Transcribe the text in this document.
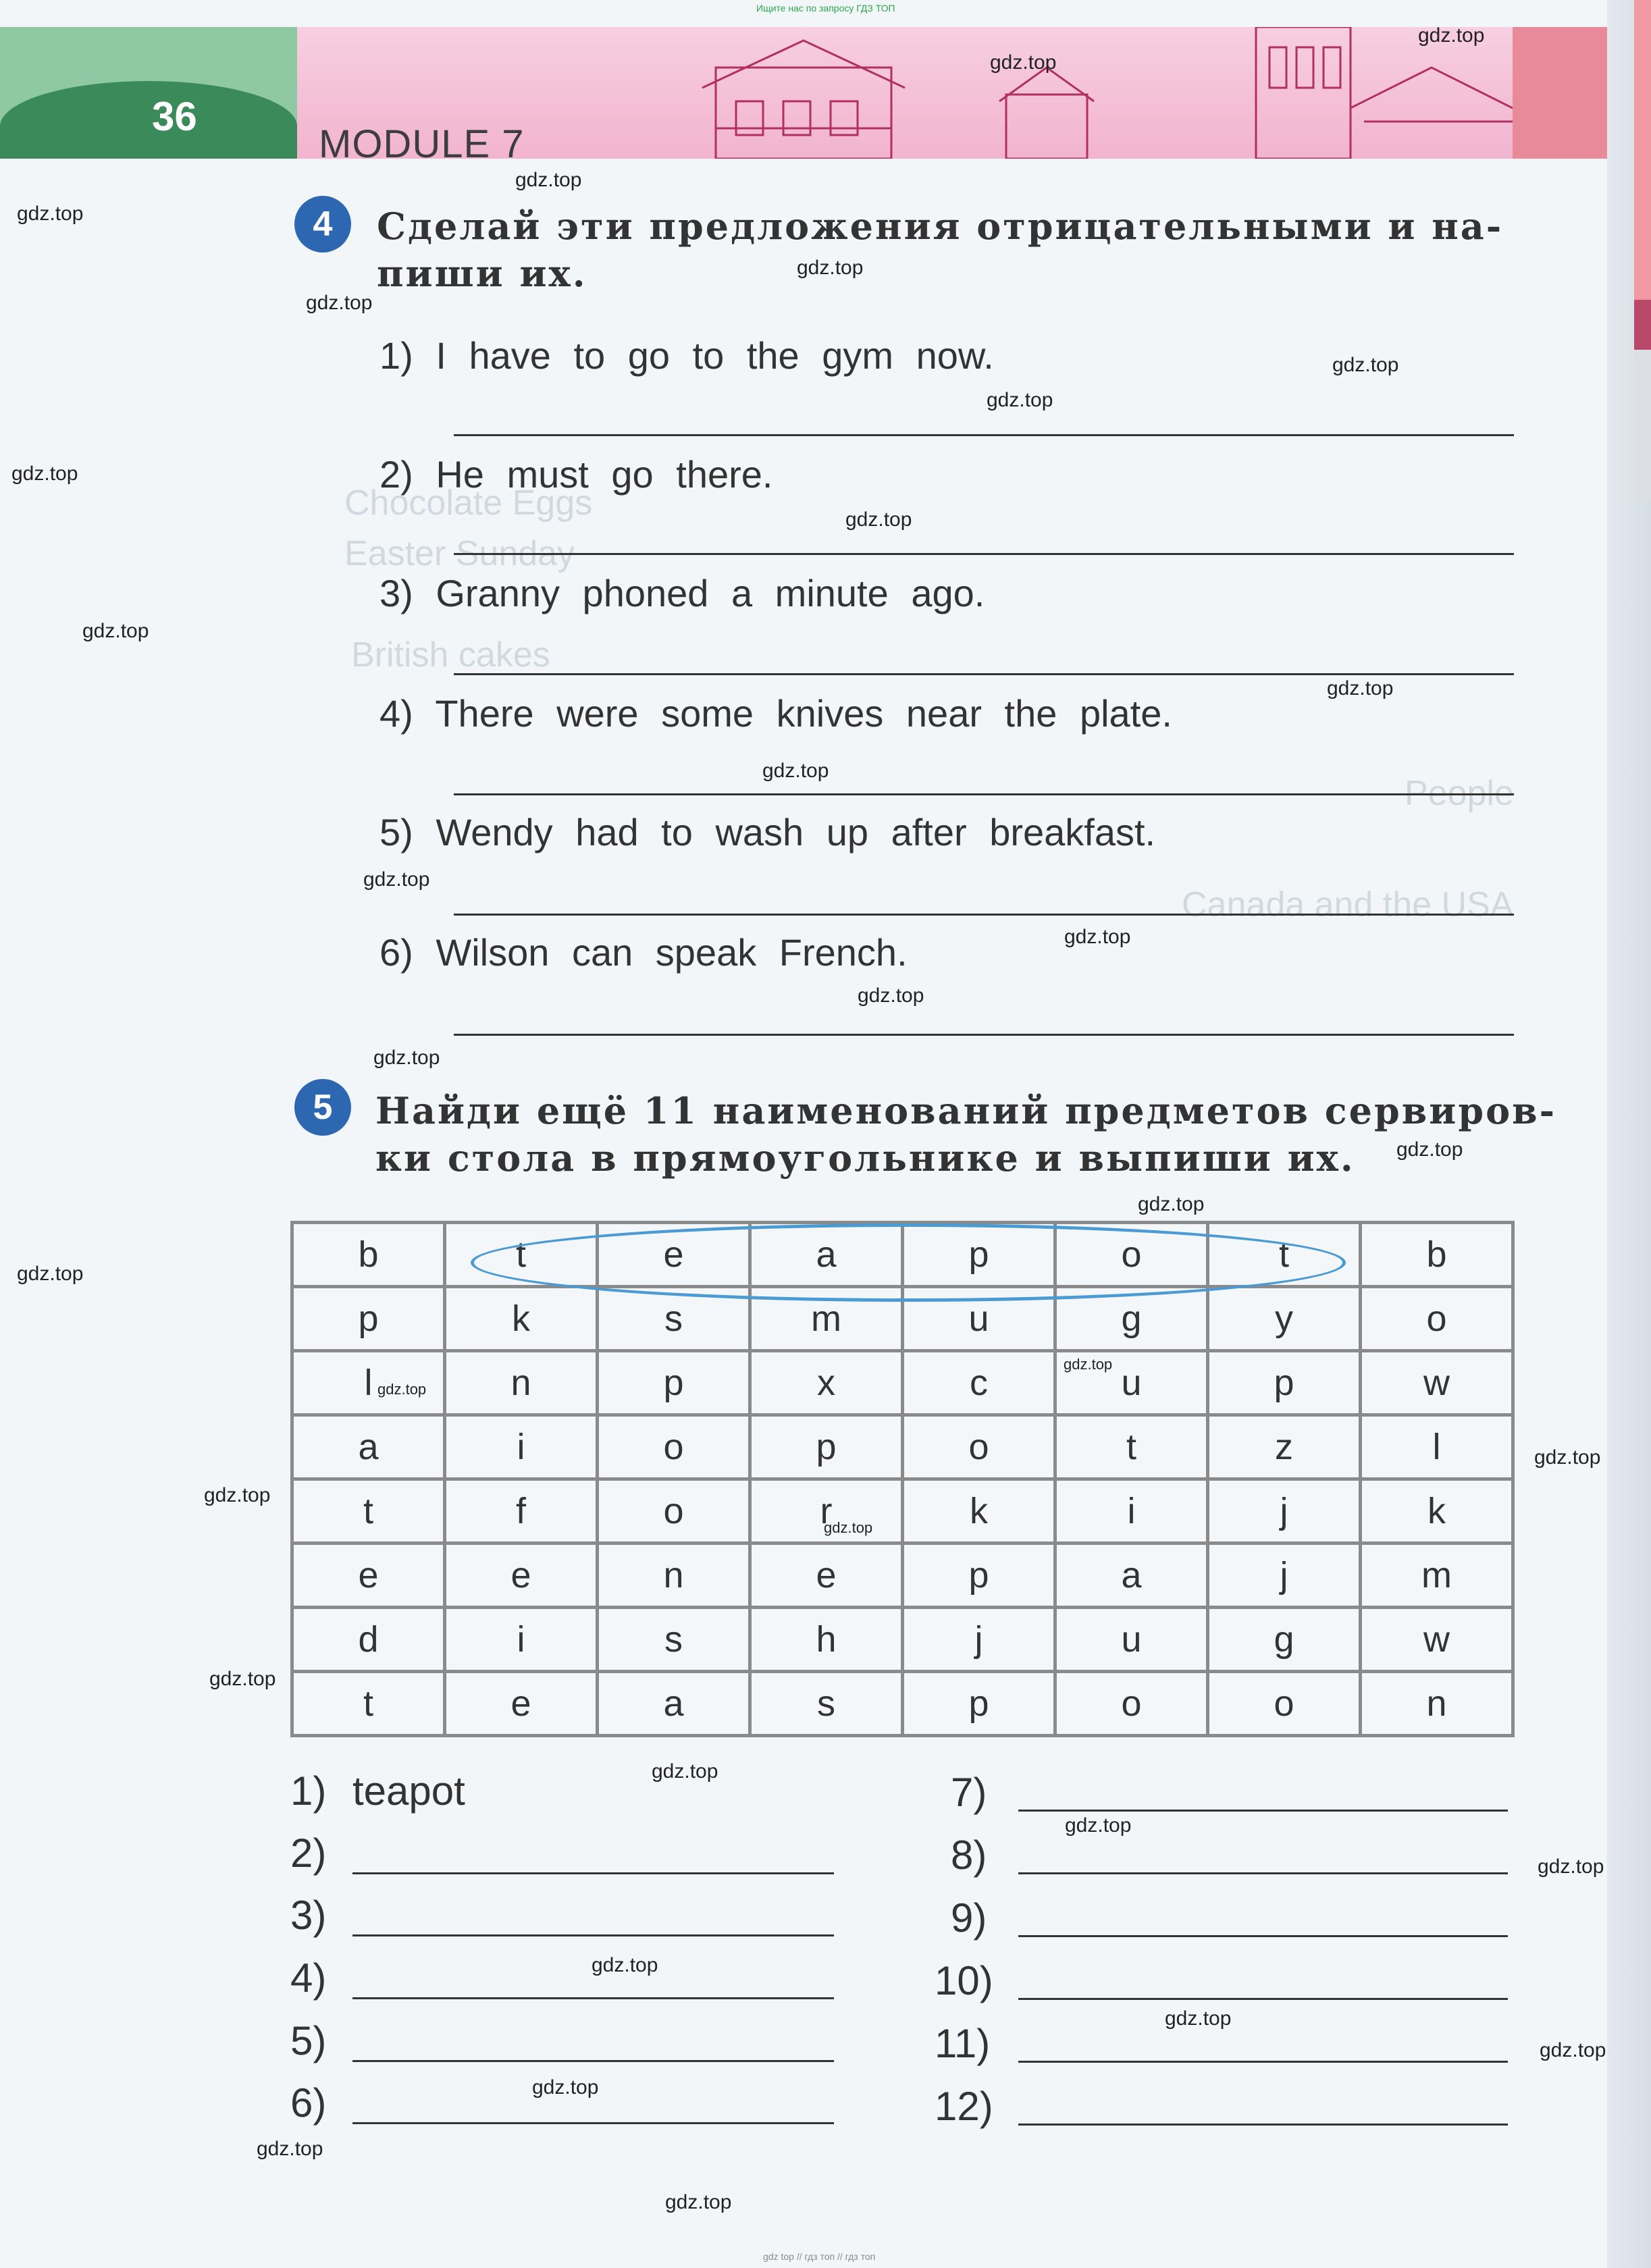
Ищите нас по запросу ГДЗ ТОП
36
MODULE 7
Chocolate Eggs
Easter Sunday
British cakes
People
Canada and the USA
4	Сделай эти предложения отрицательными и на-
пиши их.
1) I have to go to the gym now.
2) He must go there.
3) Granny phoned a minute ago.
4) There were some knives near the plate.
5) Wendy had to wash up after breakfast.
6) Wilson can speak French.
5	Найди ещё 11 наименований предметов сервиров-
ки стола в прямоугольнике и выпиши их.
b	t	e	a	p	o	t	b
p	k	s	m	u	g	y	o
l	n	p	x	c	u	p	w
a	i	o	p	o	t	z	l
t	f	o	r	k	i	j	k
e	e	n	e	p	a	j	m
d	i	s	h	j	u	g	w
t	e	a	s	p	o	o	n
1) teapot
2)
3)
4)
5)
6)
7)
8)
9)
10)
11)
12)
gdz.top
gdz.top
gdz.top
gdz.top
gdz.top
gdz.top
gdz.top
gdz.top
gdz.top
gdz.top
gdz.top
gdz.top
gdz.top
gdz.top
gdz.top
gdz.top
gdz.top
gdz.top
gdz.top
gdz.top
gdz.top
gdz.top
gdz.top
gdz.top
gdz.top
gdz.top
gdz.top
gdz.top
gdz.top
gdz.top
gdz.top
gdz.top
gdz.top
gdz.top
gdz.top
gdz top // гдз топ // гдз топ
